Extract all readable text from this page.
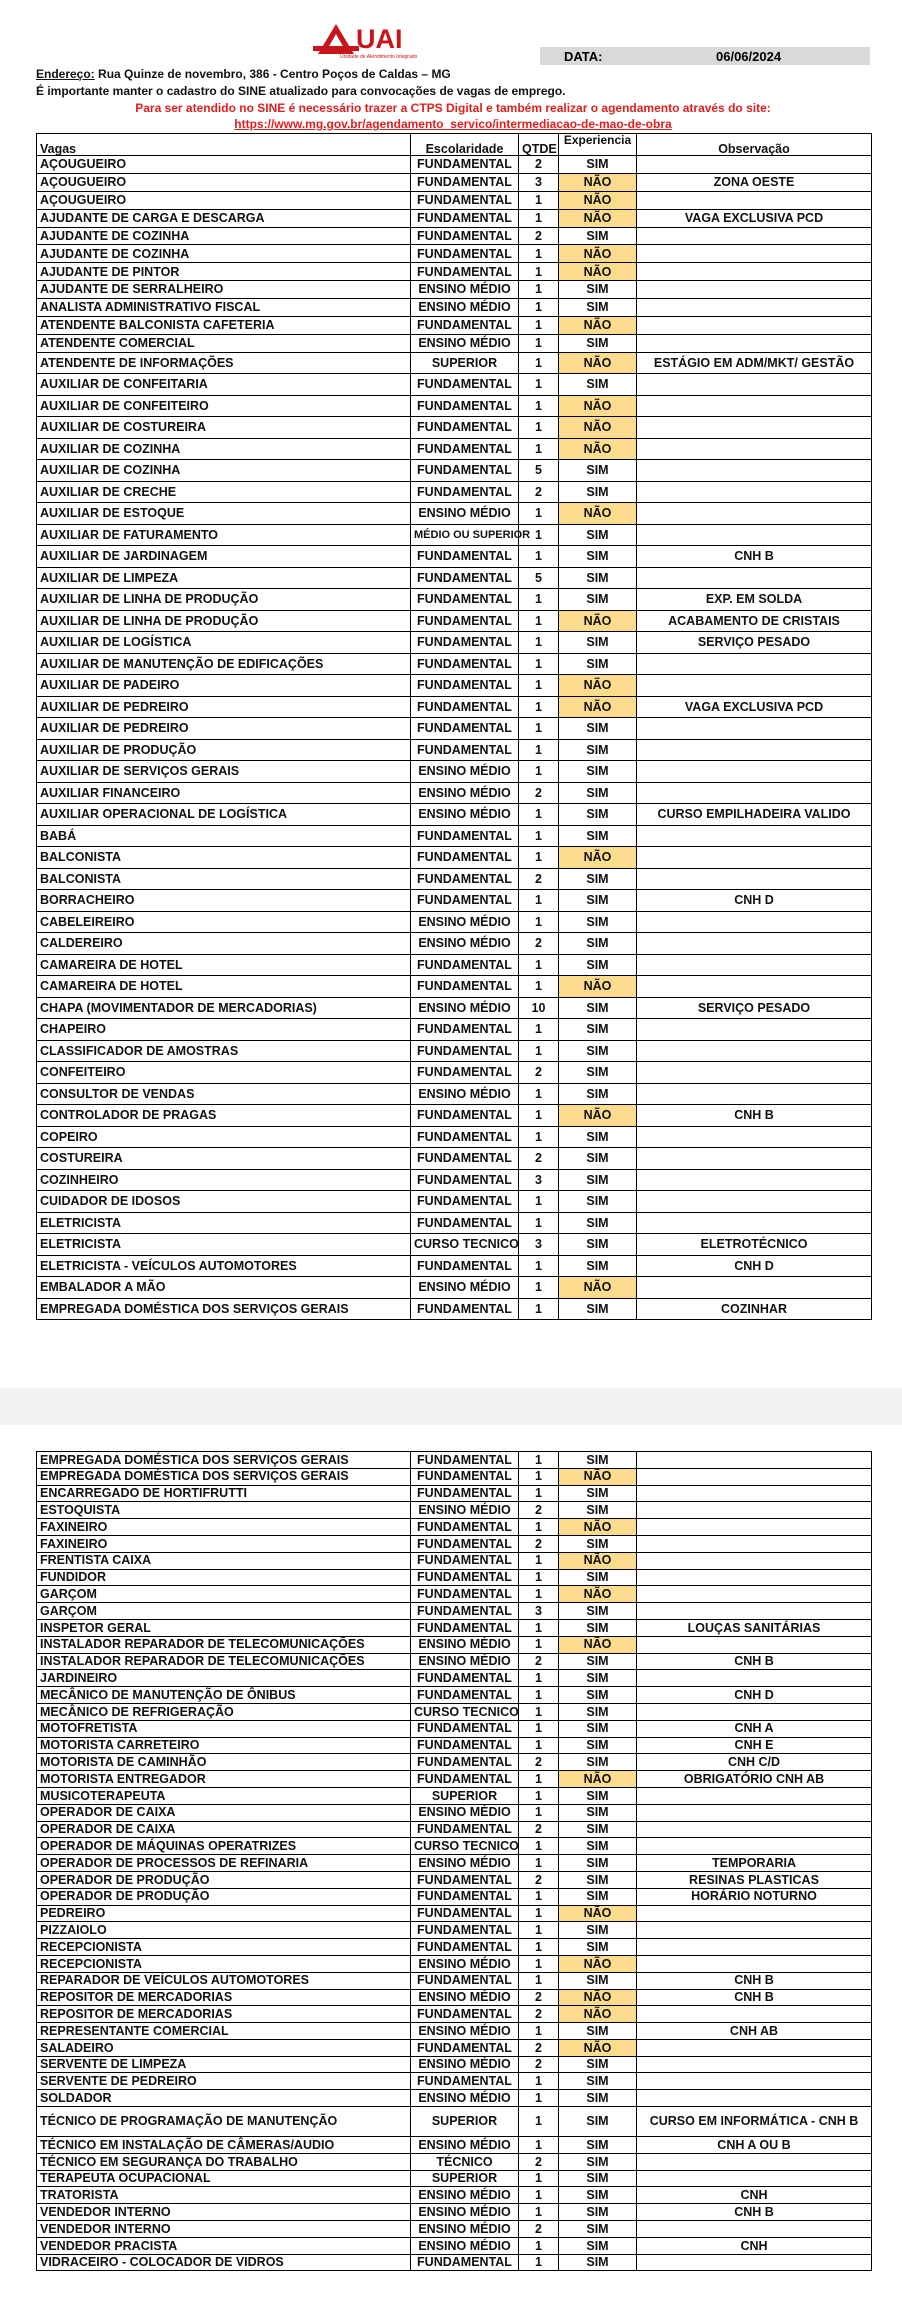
UAI
Unidade de Atendimento Integrado	DATA:	06/06/2024
Endereço: Rua Quinze de novembro, 386 - Centro Poços de Caldas – MG
É importante manter o cadastro do SINE atualizado para convocações de vagas de emprego.
Para ser atendido no SINE é necessário trazer a CTPS Digital e também realizar o agendamento através do site:
https://www.mg.gov.br/agendamento_servico/intermediacao-de-mao-de-obra
Vagas	Escolaridade	QTDE	Experiencia	Observação
AÇOUGUEIRO	FUNDAMENTAL	2	SIM	
AÇOUGUEIRO	FUNDAMENTAL	3	NÃO	ZONA OESTE
AÇOUGUEIRO	FUNDAMENTAL	1	NÃO	
AJUDANTE DE CARGA E DESCARGA	FUNDAMENTAL	1	NÃO	VAGA EXCLUSIVA PCD
AJUDANTE DE COZINHA	FUNDAMENTAL	2	SIM	
AJUDANTE DE COZINHA	FUNDAMENTAL	1	NÃO	
AJUDANTE DE PINTOR	FUNDAMENTAL	1	NÃO	
AJUDANTE DE SERRALHEIRO	ENSINO MÉDIO	1	SIM	
ANALISTA ADMINISTRATIVO FISCAL	ENSINO MÉDIO	1	SIM	
ATENDENTE BALCONISTA CAFETERIA	FUNDAMENTAL	1	NÃO	
ATENDENTE COMERCIAL	ENSINO MÉDIO	1	SIM	
ATENDENTE DE INFORMAÇÕES	SUPERIOR	1	NÃO	ESTÁGIO EM ADM/MKT/ GESTÃO
AUXILIAR DE CONFEITARIA	FUNDAMENTAL	1	SIM	
AUXILIAR DE CONFEITEIRO	FUNDAMENTAL	1	NÃO	
AUXILIAR DE COSTUREIRA	FUNDAMENTAL	1	NÃO	
AUXILIAR DE COZINHA	FUNDAMENTAL	1	NÃO	
AUXILIAR DE COZINHA	FUNDAMENTAL	5	SIM	
AUXILIAR DE CRECHE	FUNDAMENTAL	2	SIM	
AUXILIAR DE ESTOQUE	ENSINO MÉDIO	1	NÃO	
AUXILIAR DE FATURAMENTO	MÉDIO OU SUPERIOR	1	SIM	
AUXILIAR DE JARDINAGEM	FUNDAMENTAL	1	SIM	CNH B
AUXILIAR DE LIMPEZA	FUNDAMENTAL	5	SIM	
AUXILIAR DE LINHA DE PRODUÇÃO	FUNDAMENTAL	1	SIM	EXP. EM SOLDA
AUXILIAR DE LINHA DE PRODUÇÃO	FUNDAMENTAL	1	NÃO	ACABAMENTO DE CRISTAIS
AUXILIAR DE LOGÍSTICA	FUNDAMENTAL	1	SIM	SERVIÇO PESADO
AUXILIAR DE MANUTENÇÃO DE EDIFICAÇÕES	FUNDAMENTAL	1	SIM	
AUXILIAR DE PADEIRO	FUNDAMENTAL	1	NÃO	
AUXILIAR DE PEDREIRO	FUNDAMENTAL	1	NÃO	VAGA EXCLUSIVA PCD
AUXILIAR DE PEDREIRO	FUNDAMENTAL	1	SIM	
AUXILIAR DE PRODUÇÃO	FUNDAMENTAL	1	SIM	
AUXILIAR DE SERVIÇOS GERAIS	ENSINO MÉDIO	1	SIM	
AUXILIAR FINANCEIRO	ENSINO MÉDIO	2	SIM	
AUXILIAR OPERACIONAL DE LOGÍSTICA	ENSINO MÉDIO	1	SIM	CURSO EMPILHADEIRA VALIDO
BABÁ	FUNDAMENTAL	1	SIM	
BALCONISTA	FUNDAMENTAL	1	NÃO	
BALCONISTA	FUNDAMENTAL	2	SIM	
BORRACHEIRO	FUNDAMENTAL	1	SIM	CNH D
CABELEIREIRO	ENSINO MÉDIO	1	SIM	
CALDEREIRO	ENSINO MÉDIO	2	SIM	
CAMAREIRA DE HOTEL	FUNDAMENTAL	1	SIM	
CAMAREIRA DE HOTEL	FUNDAMENTAL	1	NÃO	
CHAPA (MOVIMENTADOR DE MERCADORIAS)	ENSINO MÉDIO	10	SIM	SERVIÇO PESADO
CHAPEIRO	FUNDAMENTAL	1	SIM	
CLASSIFICADOR DE AMOSTRAS	FUNDAMENTAL	1	SIM	
CONFEITEIRO	FUNDAMENTAL	2	SIM	
CONSULTOR DE VENDAS	ENSINO MÉDIO	1	SIM	
CONTROLADOR DE PRAGAS	FUNDAMENTAL	1	NÃO	CNH B
COPEIRO	FUNDAMENTAL	1	SIM	
COSTUREIRA	FUNDAMENTAL	2	SIM	
COZINHEIRO	FUNDAMENTAL	3	SIM	
CUIDADOR DE IDOSOS	FUNDAMENTAL	1	SIM	
ELETRICISTA	FUNDAMENTAL	1	SIM	
ELETRICISTA	CURSO TECNICO	3	SIM	ELETROTÉCNICO
ELETRICISTA - VEÍCULOS AUTOMOTORES	FUNDAMENTAL	1	SIM	CNH D
EMBALADOR A MÃO	ENSINO MÉDIO	1	NÃO	
EMPREGADA DOMÉSTICA DOS SERVIÇOS GERAIS	FUNDAMENTAL	1	SIM	COZINHAR
EMPREGADA DOMÉSTICA DOS SERVIÇOS GERAIS	FUNDAMENTAL	1	SIM	
EMPREGADA DOMÉSTICA DOS SERVIÇOS GERAIS	FUNDAMENTAL	1	NÃO	
ENCARREGADO DE HORTIFRUTTI	FUNDAMENTAL	1	SIM	
ESTOQUISTA	ENSINO MÉDIO	2	SIM	
FAXINEIRO	FUNDAMENTAL	1	NÃO	
FAXINEIRO	FUNDAMENTAL	2	SIM	
FRENTISTA CAIXA	FUNDAMENTAL	1	NÃO	
FUNDIDOR	FUNDAMENTAL	1	SIM	
GARÇOM	FUNDAMENTAL	1	NÃO	
GARÇOM	FUNDAMENTAL	3	SIM	
INSPETOR GERAL	FUNDAMENTAL	1	SIM	LOUÇAS SANITÁRIAS
INSTALADOR REPARADOR DE TELECOMUNICAÇÕES	ENSINO MÉDIO	1	NÃO	
INSTALADOR REPARADOR DE TELECOMUNICAÇÕES	ENSINO MÉDIO	2	SIM	CNH B
JARDINEIRO	FUNDAMENTAL	1	SIM	
MECÂNICO DE MANUTENÇÃO DE ÔNIBUS	FUNDAMENTAL	1	SIM	CNH D
MECÂNICO DE REFRIGERAÇÃO	CURSO TECNICO	1	SIM	
MOTOFRETISTA	FUNDAMENTAL	1	SIM	CNH A
MOTORISTA CARRETEIRO	FUNDAMENTAL	1	SIM	CNH E
MOTORISTA DE CAMINHÃO	FUNDAMENTAL	2	SIM	CNH C/D
MOTORISTA ENTREGADOR	FUNDAMENTAL	1	NÃO	OBRIGATÓRIO CNH AB
MUSICOTERAPEUTA	SUPERIOR	1	SIM	
OPERADOR DE CAIXA	ENSINO MÉDIO	1	SIM	
OPERADOR DE CAIXA	FUNDAMENTAL	2	SIM	
OPERADOR DE MÁQUINAS OPERATRIZES	CURSO TECNICO	1	SIM	
OPERADOR DE PROCESSOS DE REFINARIA	ENSINO MÉDIO	1	SIM	TEMPORARIA
OPERADOR DE PRODUÇÃO	FUNDAMENTAL	2	SIM	RESINAS PLASTICAS
OPERADOR DE PRODUÇÃO	FUNDAMENTAL	1	SIM	HORÁRIO NOTURNO
PEDREIRO	FUNDAMENTAL	1	NÃO	
PIZZAIOLO	FUNDAMENTAL	1	SIM	
RECEPCIONISTA	FUNDAMENTAL	1	SIM	
RECEPCIONISTA	ENSINO MÉDIO	1	NÃO	
REPARADOR DE VEÍCULOS AUTOMOTORES	FUNDAMENTAL	1	SIM	CNH B
REPOSITOR DE MERCADORIAS	ENSINO MÉDIO	2	NÃO	CNH B
REPOSITOR DE MERCADORIAS	FUNDAMENTAL	2	NÃO	
REPRESENTANTE COMERCIAL	ENSINO MÉDIO	1	SIM	CNH AB
SALADEIRO	FUNDAMENTAL	2	NÃO	
SERVENTE DE LIMPEZA	ENSINO MÉDIO	2	SIM	
SERVENTE DE PEDREIRO	FUNDAMENTAL	1	SIM	
SOLDADOR	ENSINO MÉDIO	1	SIM	
TÉCNICO DE PROGRAMAÇÃO DE MANUTENÇÃO	SUPERIOR	1	SIM	CURSO EM INFORMÁTICA - CNH B
TÉCNICO EM INSTALAÇÃO DE CÂMERAS/AUDIO	ENSINO MÉDIO	1	SIM	CNH A OU B
TÉCNICO EM SEGURANÇA DO TRABALHO	TÉCNICO	2	SIM	
TERAPEUTA OCUPACIONAL	SUPERIOR	1	SIM	
TRATORISTA	ENSINO MÉDIO	1	SIM	CNH
VENDEDOR INTERNO	ENSINO MÉDIO	1	SIM	CNH B
VENDEDOR INTERNO	ENSINO MÉDIO	2	SIM	
VENDEDOR PRACISTA	ENSINO MÉDIO	1	SIM	CNH
VIDRACEIRO - COLOCADOR DE VIDROS	FUNDAMENTAL	1	SIM	
